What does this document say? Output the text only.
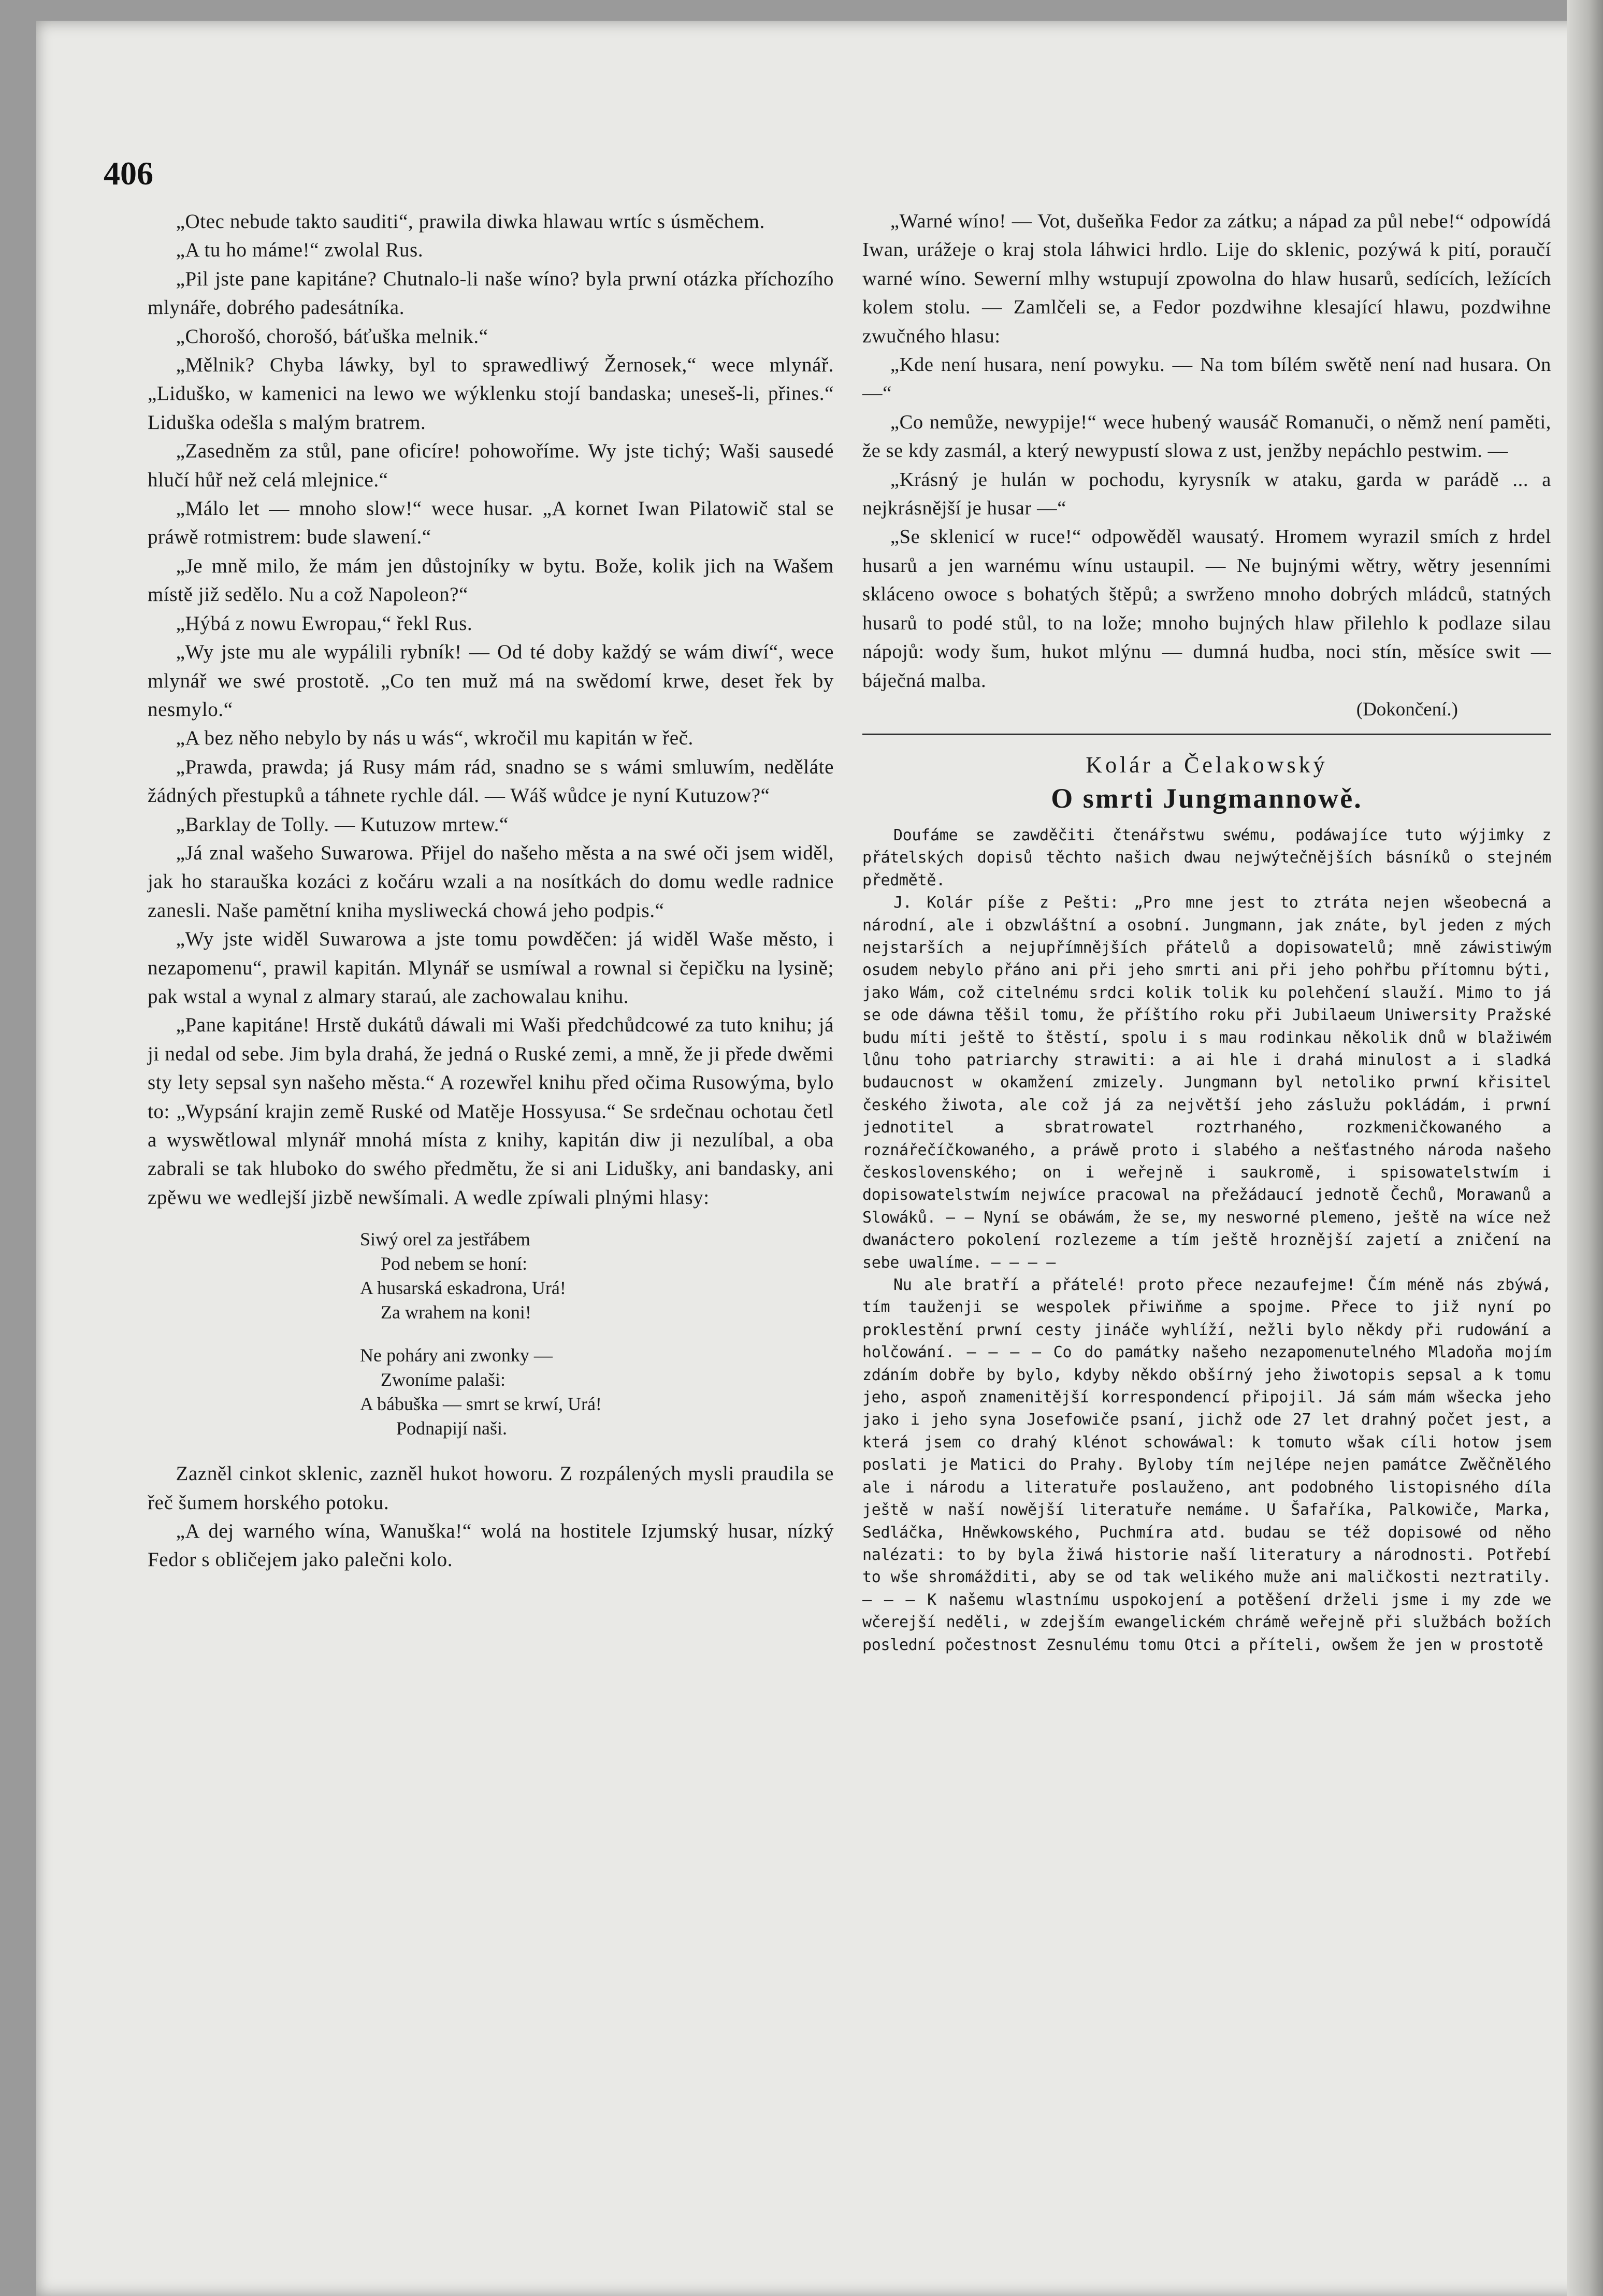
406

„Otec nebude takto sauditi“, prawila diwka hlawau wrtíc s úsměchem.

„A tu ho máme!“ zwolal Rus.

„Pil jste pane kapitáne? Chutnalo-li naše wíno? byla prwní otázka příchozího mlynáře, dobrého padesátníka.

„Chorošó, chorošó, báťuška melnik.“

„Mělnik? Chyba láwky, byl to sprawedliwý Žernosek,“ wece mlynář. „Liduško, w kamenici na lewo we wýklenku stojí bandaska; uneseš-li, přines.“ Liduška odešla s malým bratrem.

„Zasedněm za stůl, pane oficíre! pohowoříme. Wy jste tichý; Waši sausedé hlučí hůř než celá mlejnice.“

„Málo let — mnoho slow!“ wece husar. „A kornet Iwan Pilatowič stal se práwě rotmistrem: bude slawení.“

„Je mně milo, že mám jen důstojníky w bytu. Bože, kolik jich na Wašem místě již sedělo. Nu a což Napoleon?“

„Hýbá z nowu Ewropau,“ řekl Rus.

„Wy jste mu ale wypálili rybník! — Od té doby každý se wám diwí“, wece mlynář we swé prostotě. „Co ten muž má na swědomí krwe, deset řek by nesmylo.“

„A bez něho nebylo by nás u wás“, wkročil mu kapitán w řeč.

„Prawda, prawda; já Rusy mám rád, snadno se s wámi smluwím, neděláte žádných přestupků a táhnete rychle dál. — Wáš wůdce je nyní Kutuzow?“

„Barklay de Tolly. — Kutuzow mrtew.“

„Já znal wašeho Suwarowa. Přijel do našeho města a na swé oči jsem widěl, jak ho starauška kozáci z kočáru wzali a na nosítkách do domu wedle radnice zanesli. Naše pamětní kniha mysliwecká chowá jeho podpis.“

„Wy jste widěl Suwarowa a jste tomu powděčen: já widěl Waše město, i nezapomenu“, prawil kapitán. Mlynář se usmíwal a rownal si čepičku na lysině; pak wstal a wynal z almary staraú, ale zachowalau knihu.

„Pane kapitáne! Hrstě dukátů dáwali mi Waši předchůdcowé za tuto knihu; já ji nedal od sebe. Jim byla drahá, že jedná o Ruské zemi, a mně, že ji přede dwěmi sty lety sepsal syn našeho města.“ A rozewřel knihu před očima Rusowýma, bylo to: „Wypsání krajin země Ruské od Matěje Hossyusa.“ Se srdečnau ochotau četl a wyswětlowal mlynář mnohá místa z knihy, kapitán diw ji nezulíbal, a oba zabrali se tak hluboko do swého předmětu, že si ani Lidušky, ani bandasky, ani zpěwu we wedlejší jizbě newšímali. A wedle zpíwali plnými hlasy:

Siwý orel za jestřábem
Pod nebem se honí:
A husarská eskadrona, Urá!
Za wrahem na koni!
Ne poháry ani zwonky —
Zwoníme palaši:
A bábuška — smrt se krwí, Urá!
Podnapijí naši.

Zazněl cinkot sklenic, zazněl hukot howoru. Z rozpálených mysli praudila se řeč šumem horského potoku.

„A dej warného wína, Wanuška!“ wolá na hostitele Izjumský husar, nízký Fedor s obličejem jako palečni kolo.

„Warné wíno! — Vot, dušeňka Fedor za zátku; a nápad za půl nebe!“ odpowídá Iwan, urážeje o kraj stola láhwici hrdlo. Lije do sklenic, pozýwá k pití, poraučí warné wíno. Sewerní mlhy wstupují zpowolna do hlaw husarů, sedících, ležících kolem stolu. — Zamlčeli se, a Fedor pozdwihne klesající hlawu, pozdwihne zwučného hlasu:

„Kde není husara, není powyku. — Na tom bílém swětě není nad husara. On —“

„Co nemůže, newypije!“ wece hubený wausáč Romanuči, o němž není paměti, že se kdy zasmál, a který newypustí slowa z ust, jenžby nepáchlo pestwim. —

„Krásný je hulán w pochodu, kyrysník w ataku, garda w parádě ... a nejkrásnější je husar —“

„Se sklenicí w ruce!“ odpowěděl wausatý. Hromem wyrazil smích z hrdel husarů a jen warnému wínu ustaupil. — Ne bujnými wětry, wětry jesenními skláceno owoce s bohatých štěpů; a swrženo mnoho dobrých mládců, statných husarů to podé stůl, to na lože; mnoho bujných hlaw přilehlo k podlaze silau nápojů: wody šum, hukot mlýnu — dumná hudba, noci stín, měsíce swit — báječná malba.

(Dokončení.)
Kolár a Čelakowský
O smrti Jungmannowě.

Doufáme se zawděčiti čtenářstwu swému, podáwajíce tuto wýjimky z přátelských dopisů těchto našich dwau nejwýtečnějších básníků o stejném předmětě.

J. Kolár píše z Pešti: „Pro mne jest to ztráta nejen wšeobecná a národní, ale i obzwláštní a osobní. Jungmann, jak znáte, byl jeden z mých nejstarších a nejupřímnějších přátelů a dopisowatelů; mně záwistiwým osudem nebylo přáno ani při jeho smrti ani při jeho pohřbu přítomnu býti, jako Wám, což citelnému srdci kolik tolik ku polehčení slauží. Mimo to já se ode dáwna těšil tomu, že příštího roku při Jubilaeum Uniwersity Pražské budu míti ještě to štěstí, spolu i s mau rodinkau několik dnů w blažiwém lůnu toho patriarchy strawiti: a ai hle i drahá minulost a i sladká budaucnost w okamžení zmizely. Jungmann byl netoliko prwní křisitel českého žiwota, ale což já za největší jeho záslužu pokládám, i prwní jednotitel a sbratrowatel roztrhaného, rozkmeničkowaného a roznářečíčkowaného, a práwě proto i slabého a nešťastného národa našeho československého; on i weřejně i saukromě, i spisowatelstwím i dopisowatelstwím nejwíce pracowal na přežádaucí jednotě Čechů, Morawanů a Slowáků. — — Nyní se obáwám, že se, my nesworné plemeno, ještě na wíce než dwanáctero pokolení rozlezeme a tím ještě hroznější zajetí a zničení na sebe uwalíme. — — — —

Nu ale bratří a přátelé! proto přece nezaufejme! Čím méně nás zbýwá, tím tauženji se wespolek přiwiňme a spojme. Přece to již nyní po proklestění prwní cesty jináče wyhlíží, nežli bylo někdy při rudowání a holčowání. — — — — Co do památky našeho nezapomenutelného Mladoňa mojím zdáním dobře by bylo, kdyby někdo obšírný jeho žiwotopis sepsal a k tomu jeho, aspoň znamenitější korrespondencí připojil. Já sám mám wšecka jeho jako i jeho syna Josefowiče psaní, jichž ode 27 let drahný počet jest, a která jsem co drahý klénot schowáwal: k tomuto wšak cíli hotow jsem poslati je Matici do Prahy. Byloby tím nejlépe nejen památce Zwěčnělého ale i národu a literatuře poslauženo, ant podobného listopisného díla ještě w naší nowější literatuře nemáme. U Šafaříka, Palkowiče, Marka, Sedláčka, Hněwkowského, Puchmíra atd. budau se též dopisowé od něho nalézati: to by byla žiwá historie naší literatury a národnosti. Potřebí to wše shromážditi, aby se od tak welikého muže ani maličkosti neztratily. — — — K našemu wlastnímu uspokojení a potěšení drželi jsme i my zde we wčerejší neděli, w zdejším ewangelickém chrámě weřejně při službách božích poslední počestnost Zesnulému tomu Otci a příteli, owšem že jen w prostotě
